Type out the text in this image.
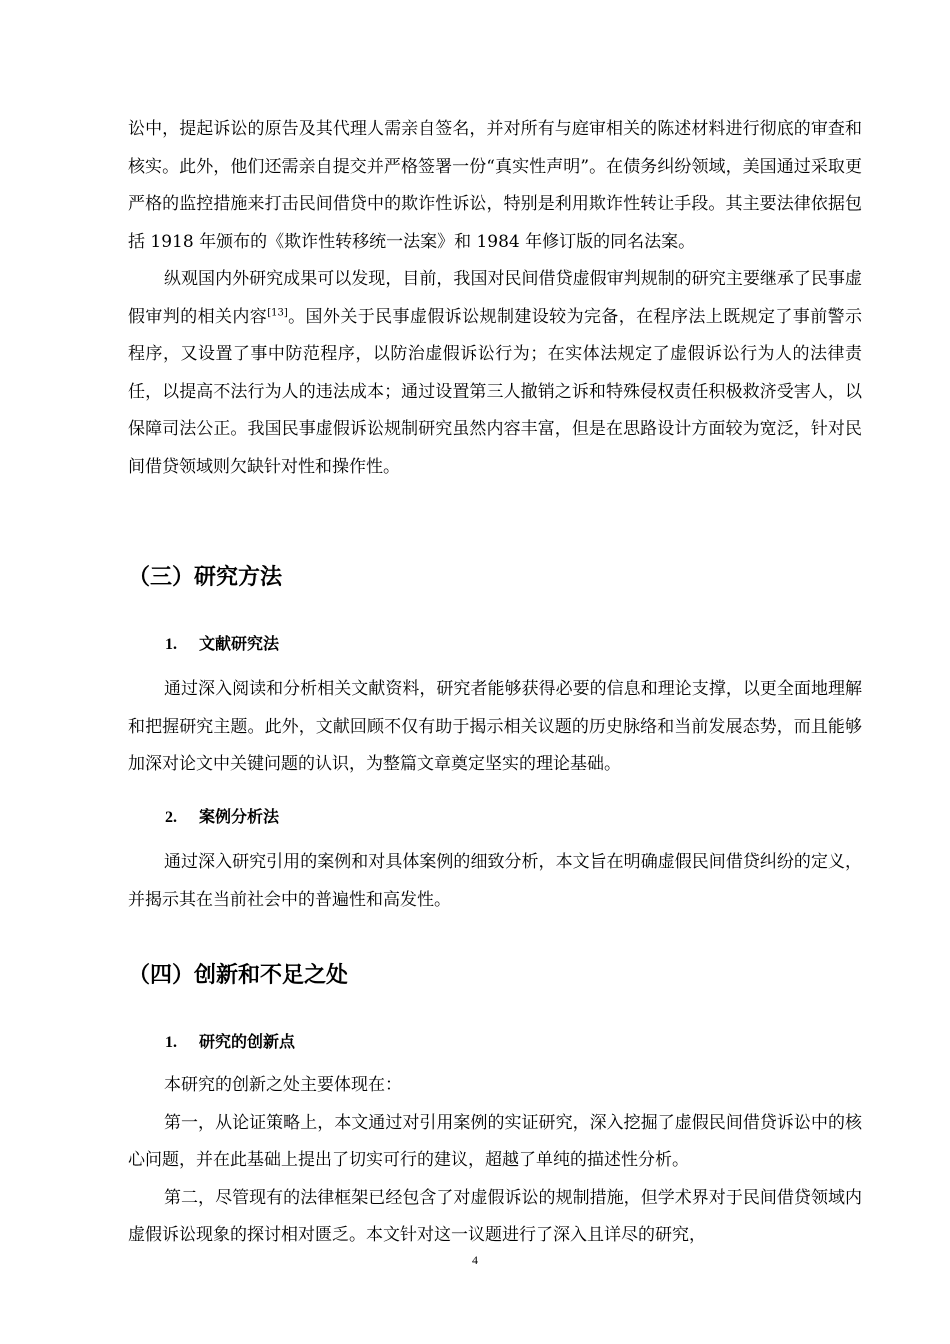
讼中，提起诉讼的原告及其代理人需亲自签名，并对所有与庭审相关的陈述材料进行彻底的审查和核实。此外，他们还需亲自提交并严格签署一份“真实性声明”。在债务纠纷领域，美国通过采取更严格的监控措施来打击民间借贷中的欺诈性诉讼，特别是利用欺诈性转让手段。其主要法律依据包括 1918 年颁布的《欺诈性转移统一法案》和 1984 年修订版的同名法案。

纵观国内外研究成果可以发现，目前，我国对民间借贷虚假审判规制的研究主要继承了民事虚假审判的相关内容[13]。国外关于民事虚假诉讼规制建设较为完备，在程序法上既规定了事前警示程序，又设置了事中防范程序，以防治虚假诉讼行为；在实体法规定了虚假诉讼行为人的法律责任，以提高不法行为人的违法成本；通过设置第三人撤销之诉和特殊侵权责任积极救济受害人，以保障司法公正。我国民事虚假诉讼规制研究虽然内容丰富，但是在思路设计方面较为宽泛，针对民间借贷领域则欠缺针对性和操作性。

（三）研究方法
1. 文献研究法

通过深入阅读和分析相关文献资料，研究者能够获得必要的信息和理论支撑，以更全面地理解和把握研究主题。此外，文献回顾不仅有助于揭示相关议题的历史脉络和当前发展态势，而且能够加深对论文中关键问题的认识，为整篇文章奠定坚实的理论基础。

2. 案例分析法

通过深入研究引用的案例和对具体案例的细致分析，本文旨在明确虚假民间借贷纠纷的定义，并揭示其在当前社会中的普遍性和高发性。

（四）创新和不足之处
1. 研究的创新点

本研究的创新之处主要体现在：

第一，从论证策略上，本文通过对引用案例的实证研究，深入挖掘了虚假民间借贷诉讼中的核心问题，并在此基础上提出了切实可行的建议，超越了单纯的描述性分析。

第二，尽管现有的法律框架已经包含了对虚假诉讼的规制措施，但学术界对于民间借贷领域内虚假诉讼现象的探讨相对匮乏。本文针对这一议题进行了深入且详尽的研究，

4
